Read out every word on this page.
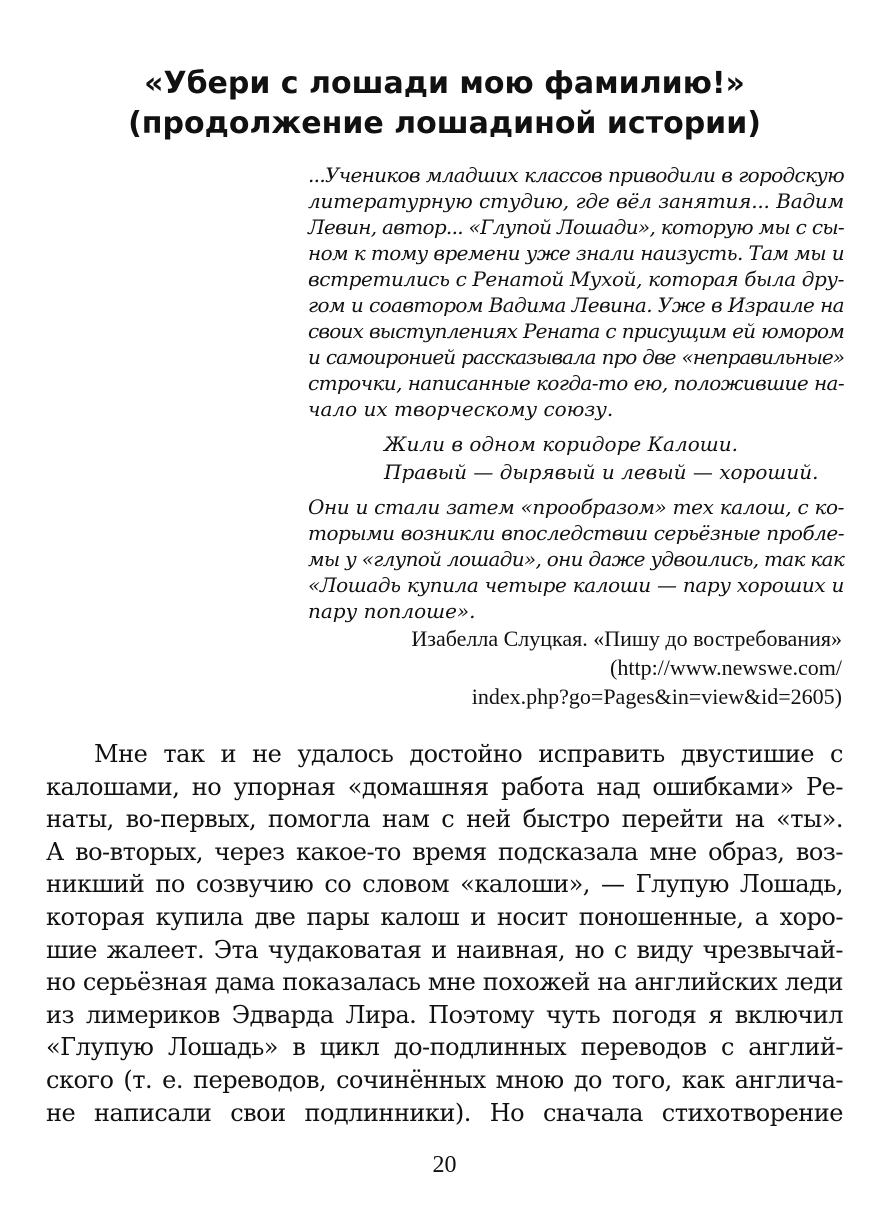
«Убери с лошади мою фамилию!»
(продолжение лошадиной истории)
...Учеников младших классов приводили в городскую
литературную студию, где вёл занятия... Вадим
Левин, автор... «Глупой Лошади», которую мы с сы-
ном к тому времени уже знали наизусть. Там мы и
встретились с Ренатой Мухой, которая была дру-
гом и соавтором Вадима Левина. Уже в Израиле на
своих выступлениях Рената с присущим ей юмором
и самоиронией рассказывала про две «неправильные»
строчки, написанные когда-то ею, положившие на-
чало их творческому союзу.
Жили в одном коридоре Калоши.
Правый — дырявый и левый — хороший.
Они и стали затем «прообразом» тех калош, с ко-
торыми возникли впоследствии серьёзные пробле-
мы у «глупой лошади», они даже удвоились, так как
«Лошадь купила четыре калоши — пару хороших и
пару поплоше».
Изабелла Слуцкая. «Пишу до востребования»
(http://www.newswe.com/
index.php?go=Pages&in=view&id=2605)
Мне так и не удалось достойно исправить двустишие с
калошами, но упорная «домашняя работа над ошибками» Ре-
наты, во-первых, помогла нам с ней быстро перейти на «ты».
А во-вторых, через какое-то время подсказала мне образ, воз-
никший по созвучию со словом «калоши», — Глупую Лошадь,
которая купила две пары калош и носит поношенные, а хоро-
шие жалеет. Эта чудаковатая и наивная, но с виду чрезвычай-
но серьёзная дама показалась мне похожей на английских леди
из лимериков Эдварда Лира. Поэтому чуть погодя я включил
«Глупую Лошадь» в цикл до-подлинных переводов с англий-
ского (т. е. переводов, сочинённых мною до того, как англича-
не написали свои подлинники). Но сначала стихотворение
20
